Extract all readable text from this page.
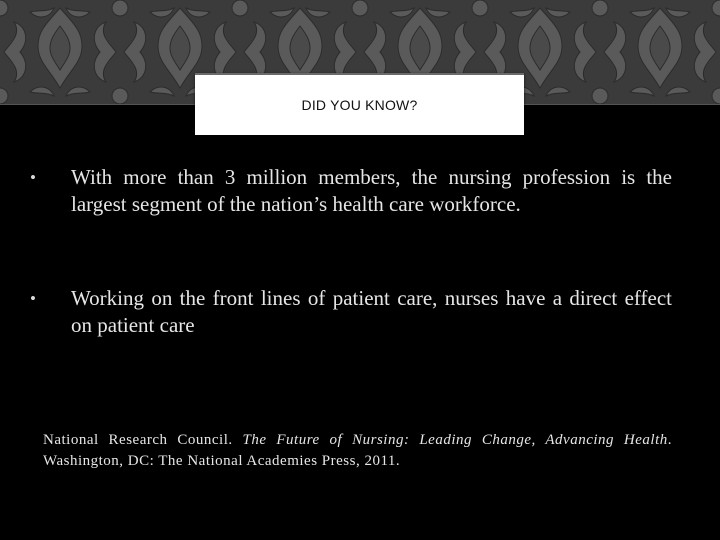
DID YOU KNOW?
• With more than 3 million members, the nursing profession is the largest segment of the nation’s health care workforce.
• Working on the front lines of patient care, nurses have a direct effect on patient care
National Research Council. The Future of Nursing: Leading Change, Advancing Health. Washington, DC: The National Academies Press, 2011.
